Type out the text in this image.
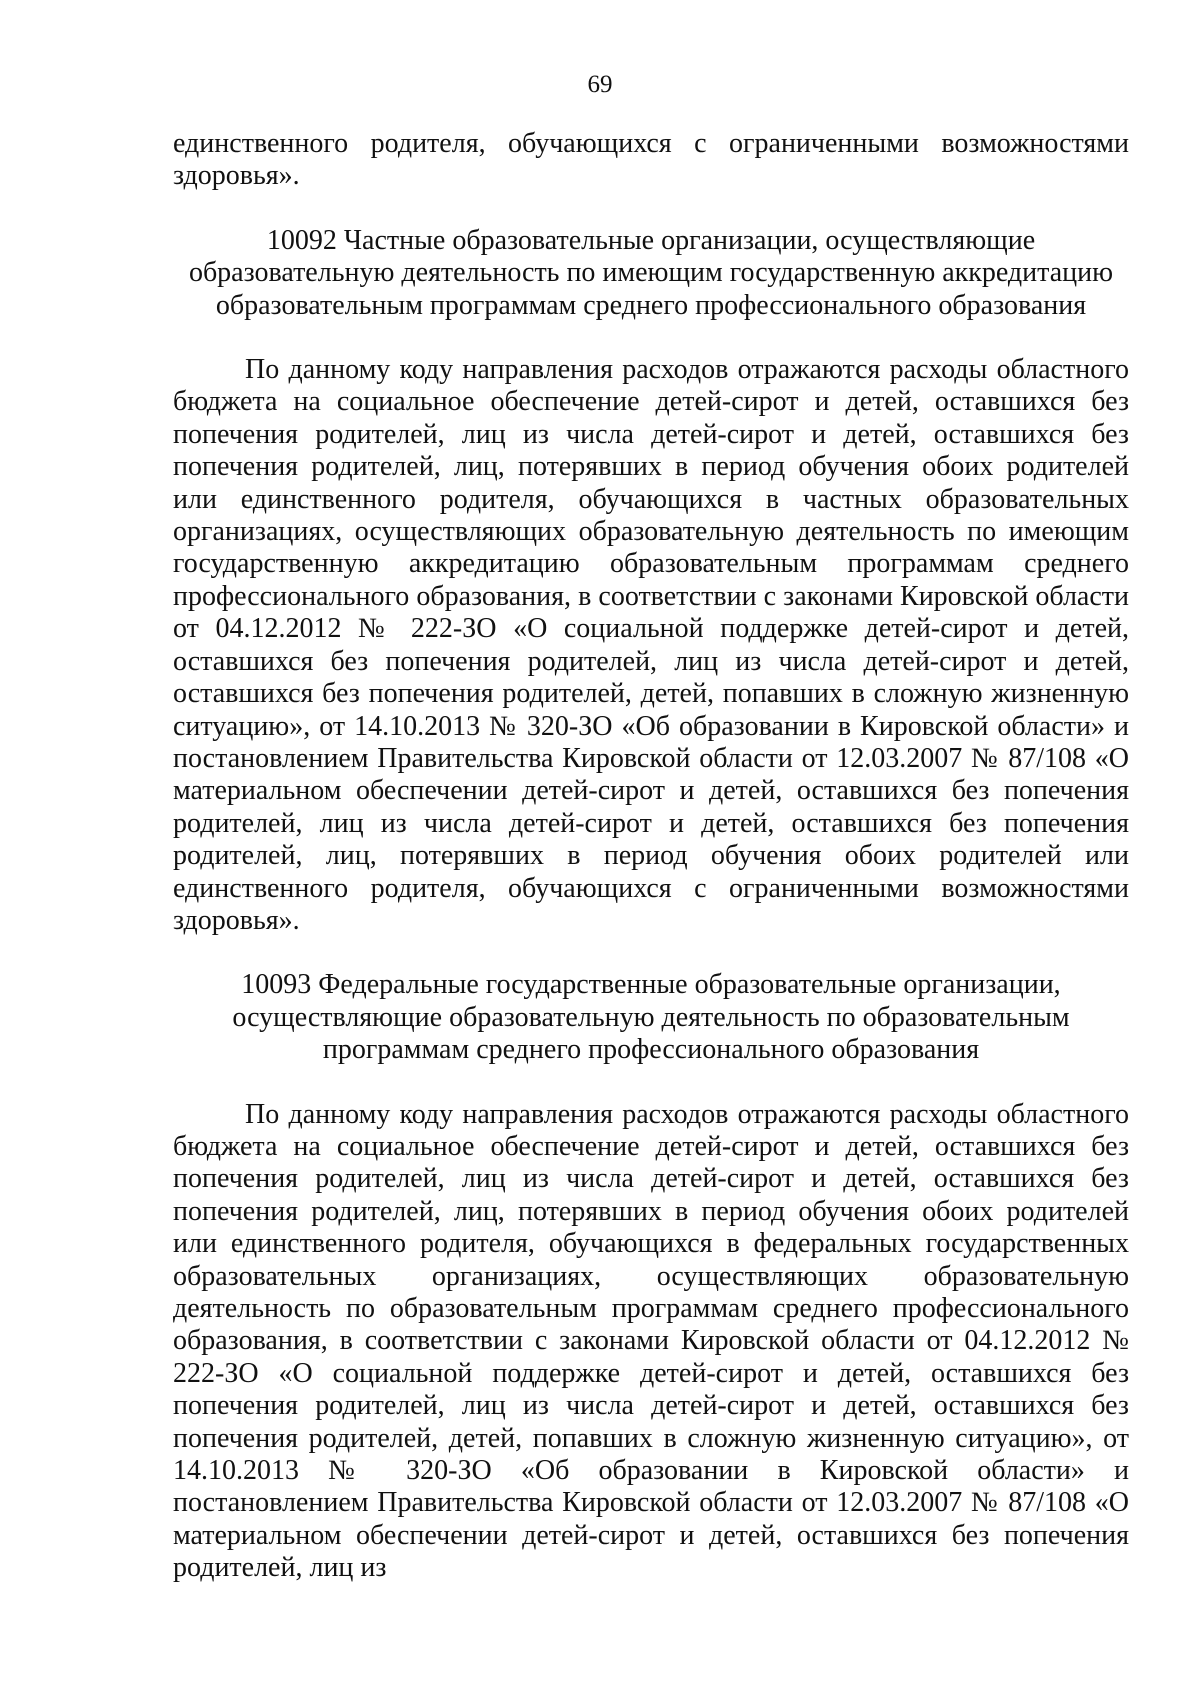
69

единственного родителя, обучающихся с ограниченными возможностями здоровья».

10092 Частные образовательные организации, осуществляющие образовательную деятельность по имеющим государственную аккредитацию образовательным программам среднего профессионального образования

По данному коду направления расходов отражаются расходы областного бюджета на социальное обеспечение детей-сирот и детей, оставшихся без попечения родителей, лиц из числа детей-сирот и детей, оставшихся без попечения родителей, лиц, потерявших в период обучения обоих родителей или единственного родителя, обучающихся в частных образовательных организациях, осуществляющих образовательную деятельность по имеющим государственную аккредитацию образовательным программам среднего профессионального образования, в соответствии с законами Кировской области от 04.12.2012 № 222-ЗО «О социальной поддержке детей-сирот и детей, оставшихся без попечения родителей, лиц из числа детей-сирот и детей, оставшихся без попечения родителей, детей, попавших в сложную жизненную ситуацию», от 14.10.2013 № 320-ЗО «Об образовании в Кировской области» и постановлением Правительства Кировской области от 12.03.2007 № 87/108 «О материальном обеспечении детей-сирот и детей, оставшихся без попечения родителей, лиц из числа детей-сирот и детей, оставшихся без попечения родителей, лиц, потерявших в период обучения обоих родителей или единственного родителя, обучающихся с ограниченными возможностями здоровья».

10093 Федеральные государственные образовательные организации, осуществляющие образовательную деятельность по образовательным программам среднего профессионального образования

По данному коду направления расходов отражаются расходы областного бюджета на социальное обеспечение детей-сирот и детей, оставшихся без попечения родителей, лиц из числа детей-сирот и детей, оставшихся без попечения родителей, лиц, потерявших в период обучения обоих родителей или единственного родителя, обучающихся в федеральных государственных образовательных организациях, осуществляющих образовательную деятельность по образовательным программам среднего профессионального образования, в соответствии с законами Кировской области от 04.12.2012 № 222-ЗО «О социальной поддержке детей-сирот и детей, оставшихся без попечения родителей, лиц из числа детей-сирот и детей, оставшихся без попечения родителей, детей, попавших в сложную жизненную ситуацию», от 14.10.2013 № 320-ЗО «Об образовании в Кировской области» и постановлением Правительства Кировской области от 12.03.2007 № 87/108 «О материальном обеспечении детей-сирот и детей, оставшихся без попечения родителей, лиц из
